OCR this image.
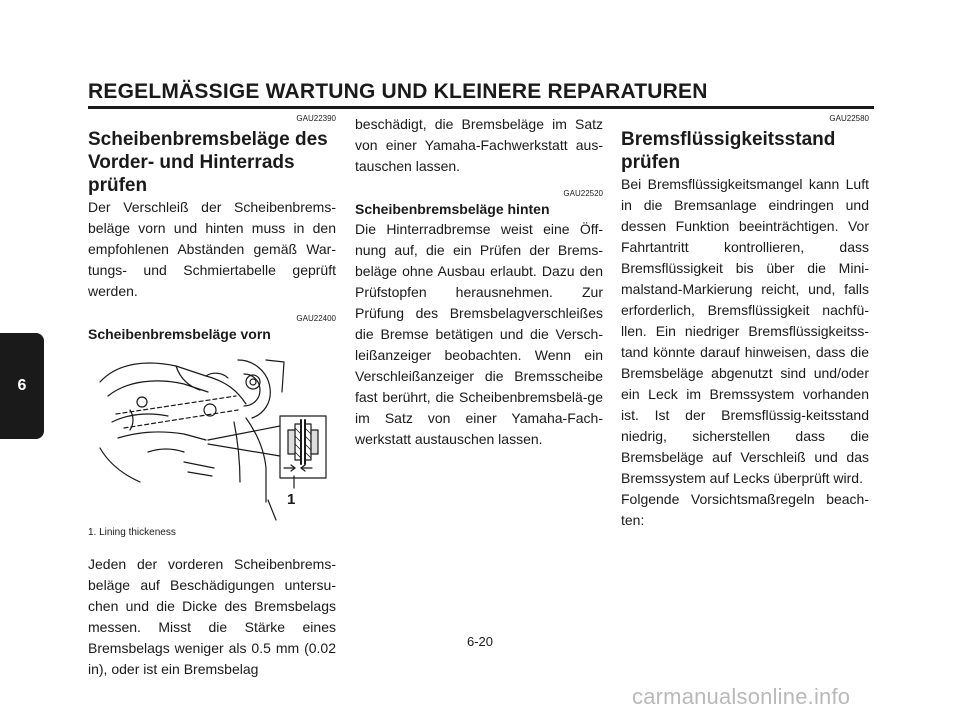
REGELMÄSSIGE WARTUNG UND KLEINERE REPARATUREN
6
GAU22390
Scheibenbremsbeläge des
Vorder- und Hinterrads
prüfen

Der Verschleiß der Scheibenbrems-beläge vorn und hinten muss in den empfohlenen Abständen gemäß War-tungs- und Schmiertabelle geprüft werden.

GAU22400
Scheibenbremsbeläge vorn
1
1. Lining thickeness

Jeden der vorderen Scheibenbrems-beläge auf Beschädigungen untersu-chen und die Dicke des Bremsbelags messen. Misst die Stärke eines Bremsbelags weniger als 0.5 mm (0.02 in), oder ist ein Bremsbelag

beschädigt, die Bremsbeläge im Satz von einer Yamaha-Fachwerkstatt aus-tauschen lassen.

GAU22520
Scheibenbremsbeläge hinten

Die Hinterradbremse weist eine Öff-nung auf, die ein Prüfen der Brems-beläge ohne Ausbau erlaubt. Dazu den Prüfstopfen herausnehmen. Zur Prüfung des Bremsbelagverschleißes die Bremse betätigen und die Versch-leißanzeiger beobachten. Wenn ein Verschleißanzeiger die Bremsscheibe fast berührt, die Scheibenbremsbelä-ge im Satz von einer Yamaha-Fach-werkstatt austauschen lassen.

GAU22580
Bremsflüssigkeitsstand
prüfen

Bei Bremsflüssigkeitsmangel kann Luft in die Bremsanlage eindringen und dessen Funktion beeinträchtigen. Vor Fahrtantritt kontrollieren, dass Bremsflüssigkeit bis über die Mini-malstand-Markierung reicht, und, falls erforderlich, Bremsflüssigkeit nachfü-llen. Ein niedriger Bremsflüssigkeitss-tand könnte darauf hinweisen, dass die Bremsbeläge abgenutzt sind und/oder ein Leck im Bremssystem vorhanden ist. Ist der Bremsflüssig-keitsstand niedrig, sicherstellen dass die Bremsbeläge auf Verschleiß und das Bremssystem auf Lecks überprüft wird.

Folgende Vorsichtsmaßregeln beach-ten:

6-20
carmanualsonline.info
